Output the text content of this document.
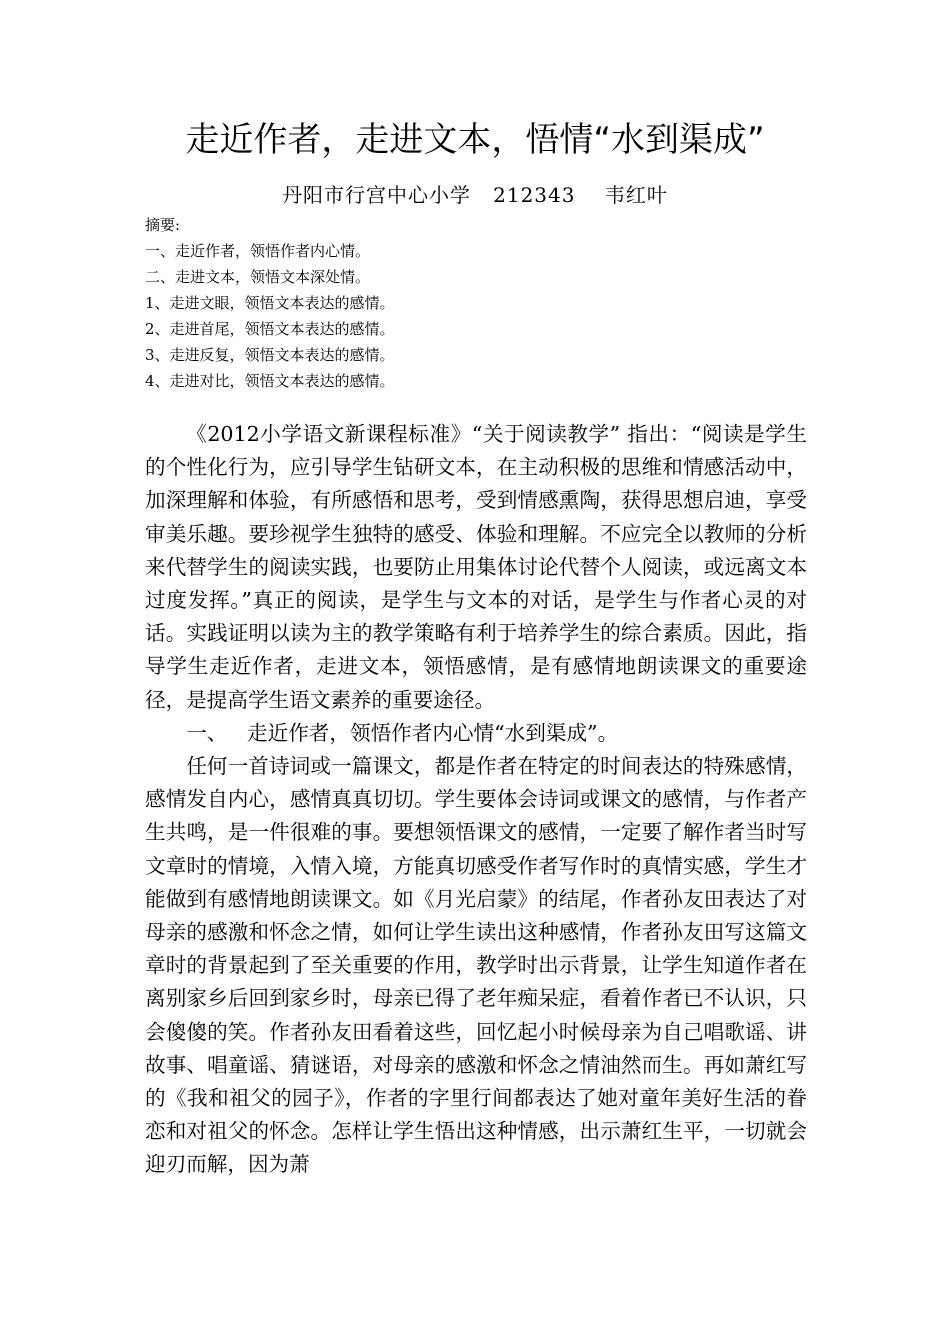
走近作者，走进文本，悟情“水到渠成”
丹阳市行宫中心小学   212343    韦红叶
摘要:
一、走近作者，领悟作者内心情。
二、走进文本，领悟文本深处情。
1、走进文眼，领悟文本表达的感情。
2、走进首尾，领悟文本表达的感情。
3、走进反复，领悟文本表达的感情。
4、走进对比，领悟文本表达的感情。

《2012小学语文新课程标准》“关于阅读教学” 指出：“阅读是学生的个性化行为，应引导学生钻研文本，在主动积极的思维和情感活动中，加深理解和体验，有所感悟和思考，受到情感熏陶，获得思想启迪，享受审美乐趣。要珍视学生独特的感受、体验和理解。不应完全以教师的分析来代替学生的阅读实践，也要防止用集体讨论代替个人阅读，或远离文本过度发挥。”真正的阅读，是学生与文本的对话，是学生与作者心灵的对话。实践证明以读为主的教学策略有利于培养学生的综合素质。因此，指导学生走近作者，走进文本，领悟感情，是有感情地朗读课文的重要途径，是提高学生语文素养的重要途径。

一、   走近作者，领悟作者内心情“水到渠成”。

任何一首诗词或一篇课文，都是作者在特定的时间表达的特殊感情，感情发自内心，感情真真切切。学生要体会诗词或课文的感情，与作者产生共鸣，是一件很难的事。要想领悟课文的感情，一定要了解作者当时写文章时的情境，入情入境，方能真切感受作者写作时的真情实感，学生才能做到有感情地朗读课文。如《月光启蒙》的结尾，作者孙友田表达了对母亲的感激和怀念之情，如何让学生读出这种感情，作者孙友田写这篇文章时的背景起到了至关重要的作用，教学时出示背景，让学生知道作者在离别家乡后回到家乡时，母亲已得了老年痴呆症，看着作者已不认识，只会傻傻的笑。作者孙友田看着这些，回忆起小时候母亲为自己唱歌谣、讲故事、唱童谣、猜谜语，对母亲的感激和怀念之情油然而生。再如萧红写的《我和祖父的园子》，作者的字里行间都表达了她对童年美好生活的眷恋和对祖父的怀念。怎样让学生悟出这种情感，出示萧红生平，一切就会迎刃而解，因为萧
